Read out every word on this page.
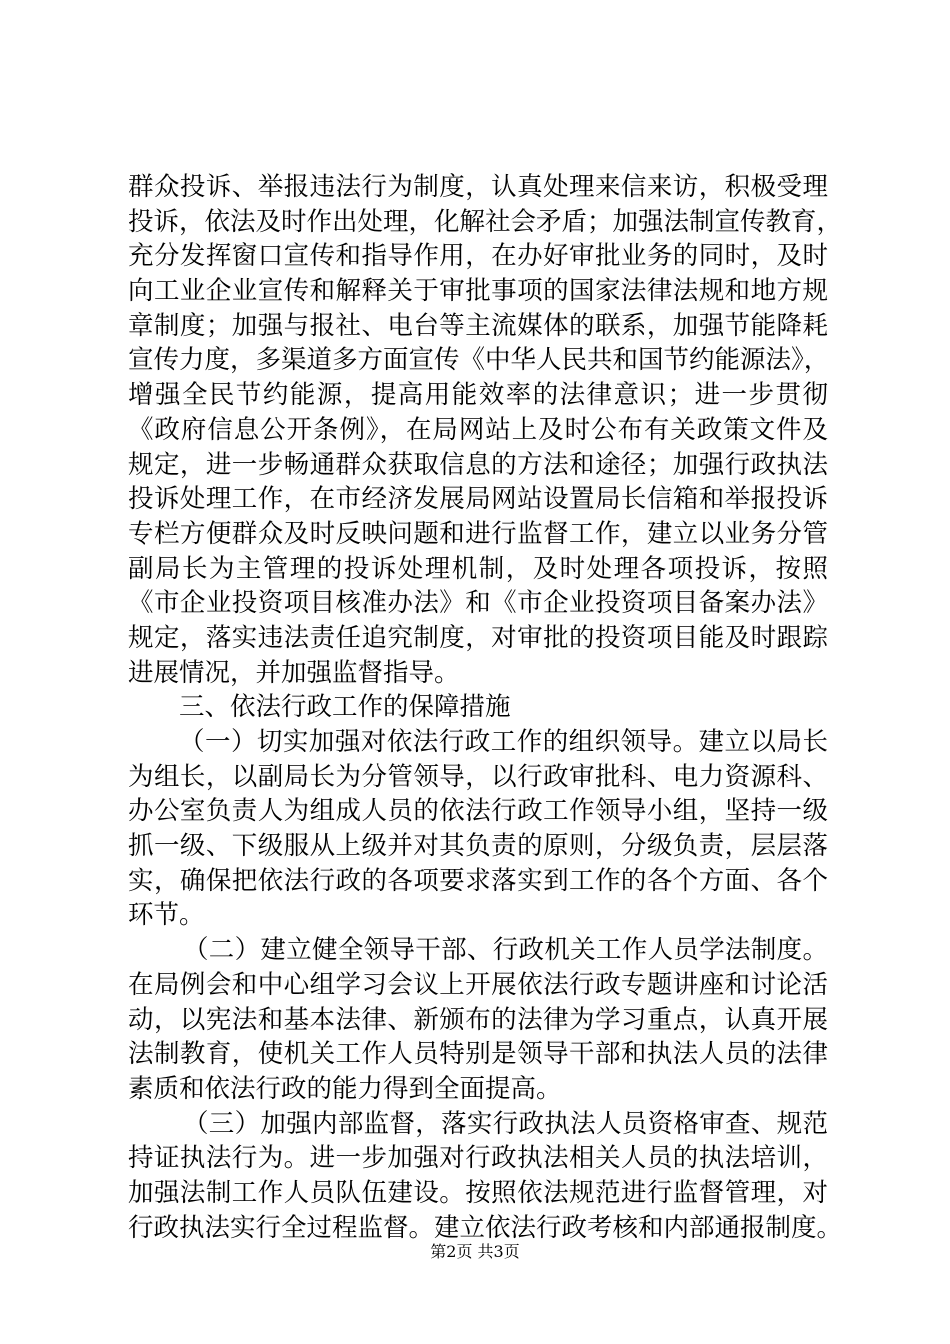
群众投诉、举报违法行为制度，认真处理来信来访，积极受理
投诉，依法及时作出处理，化解社会矛盾；加强法制宣传教育，
充分发挥窗口宣传和指导作用，在办好审批业务的同时，及时
向工业企业宣传和解释关于审批事项的国家法律法规和地方规
章制度；加强与报社、电台等主流媒体的联系，加强节能降耗
宣传力度，多渠道多方面宣传《中华人民共和国节约能源法》，
增强全民节约能源，提高用能效率的法律意识；进一步贯彻
《政府信息公开条例》，在局网站上及时公布有关政策文件及
规定，进一步畅通群众获取信息的方法和途径；加强行政执法
投诉处理工作，在市经济发展局网站设置局长信箱和举报投诉
专栏方便群众及时反映问题和进行监督工作，建立以业务分管
副局长为主管理的投诉处理机制，及时处理各项投诉，按照
《市企业投资项目核准办法》和《市企业投资项目备案办法》
规定，落实违法责任追究制度，对审批的投资项目能及时跟踪
进展情况，并加强监督指导。
三、依法行政工作的保障措施
（一）切实加强对依法行政工作的组织领导。建立以局长
为组长，以副局长为分管领导，以行政审批科、电力资源科、
办公室负责人为组成人员的依法行政工作领导小组，坚持一级
抓一级、下级服从上级并对其负责的原则，分级负责，层层落
实，确保把依法行政的各项要求落实到工作的各个方面、各个
环节。
（二）建立健全领导干部、行政机关工作人员学法制度。
在局例会和中心组学习会议上开展依法行政专题讲座和讨论活
动，以宪法和基本法律、新颁布的法律为学习重点，认真开展
法制教育，使机关工作人员特别是领导干部和执法人员的法律
素质和依法行政的能力得到全面提高。
（三）加强内部监督，落实行政执法人员资格审查、规范
持证执法行为。进一步加强对行政执法相关人员的执法培训，
加强法制工作人员队伍建设。按照依法规范进行监督管理，对
行政执法实行全过程监督。建立依法行政考核和内部通报制度。
第2页 共3页
